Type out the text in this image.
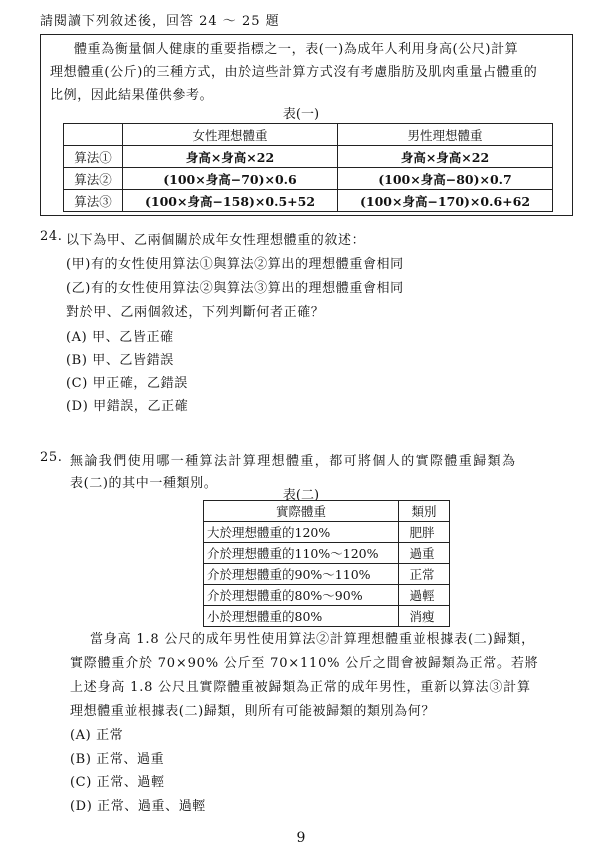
請閱讀下列敘述後，回答 24 ～ 25 題
體重為衡量個人健康的重要指標之一，表(一)為成年人利用身高(公尺)計算
理想體重(公斤)的三種方式，由於這些計算方式沒有考慮脂肪及肌肉重量占體重的
比例，因此結果僅供參考。
表(一)
	女性理想體重	男性理想體重
算法①	身高×身高×22	身高×身高×22
算法②	(100×身高−70)×0.6	(100×身高−80)×0.7
算法③	(100×身高−158)×0.5+52	(100×身高−170)×0.6+62
24. 以下為甲、乙兩個關於成年女性理想體重的敘述：
(甲)有的女性使用算法①與算法②算出的理想體重會相同
(乙)有的女性使用算法②與算法③算出的理想體重會相同
對於甲、乙兩個敘述，下列判斷何者正確？
(A) 甲、乙皆正確
(B) 甲、乙皆錯誤
(C) 甲正確，乙錯誤
(D) 甲錯誤，乙正確
25. 無論我們使用哪一種算法計算理想體重，都可將個人的實際體重歸類為
表(二)的其中一種類別。
表(二)
實際體重	類別
大於理想體重的120%	肥胖
介於理想體重的110%～120%	過重
介於理想體重的90%～110%	正常
介於理想體重的80%～90%	過輕
小於理想體重的80%	消瘦
當身高 1.8 公尺的成年男性使用算法②計算理想體重並根據表(二)歸類，
實際體重介於 70×90% 公斤至 70×110% 公斤之間會被歸類為正常。若將
上述身高 1.8 公尺且實際體重被歸類為正常的成年男性，重新以算法③計算
理想體重並根據表(二)歸類，則所有可能被歸類的類別為何？
(A) 正常
(B) 正常、過重
(C) 正常、過輕
(D) 正常、過重、過輕
9
